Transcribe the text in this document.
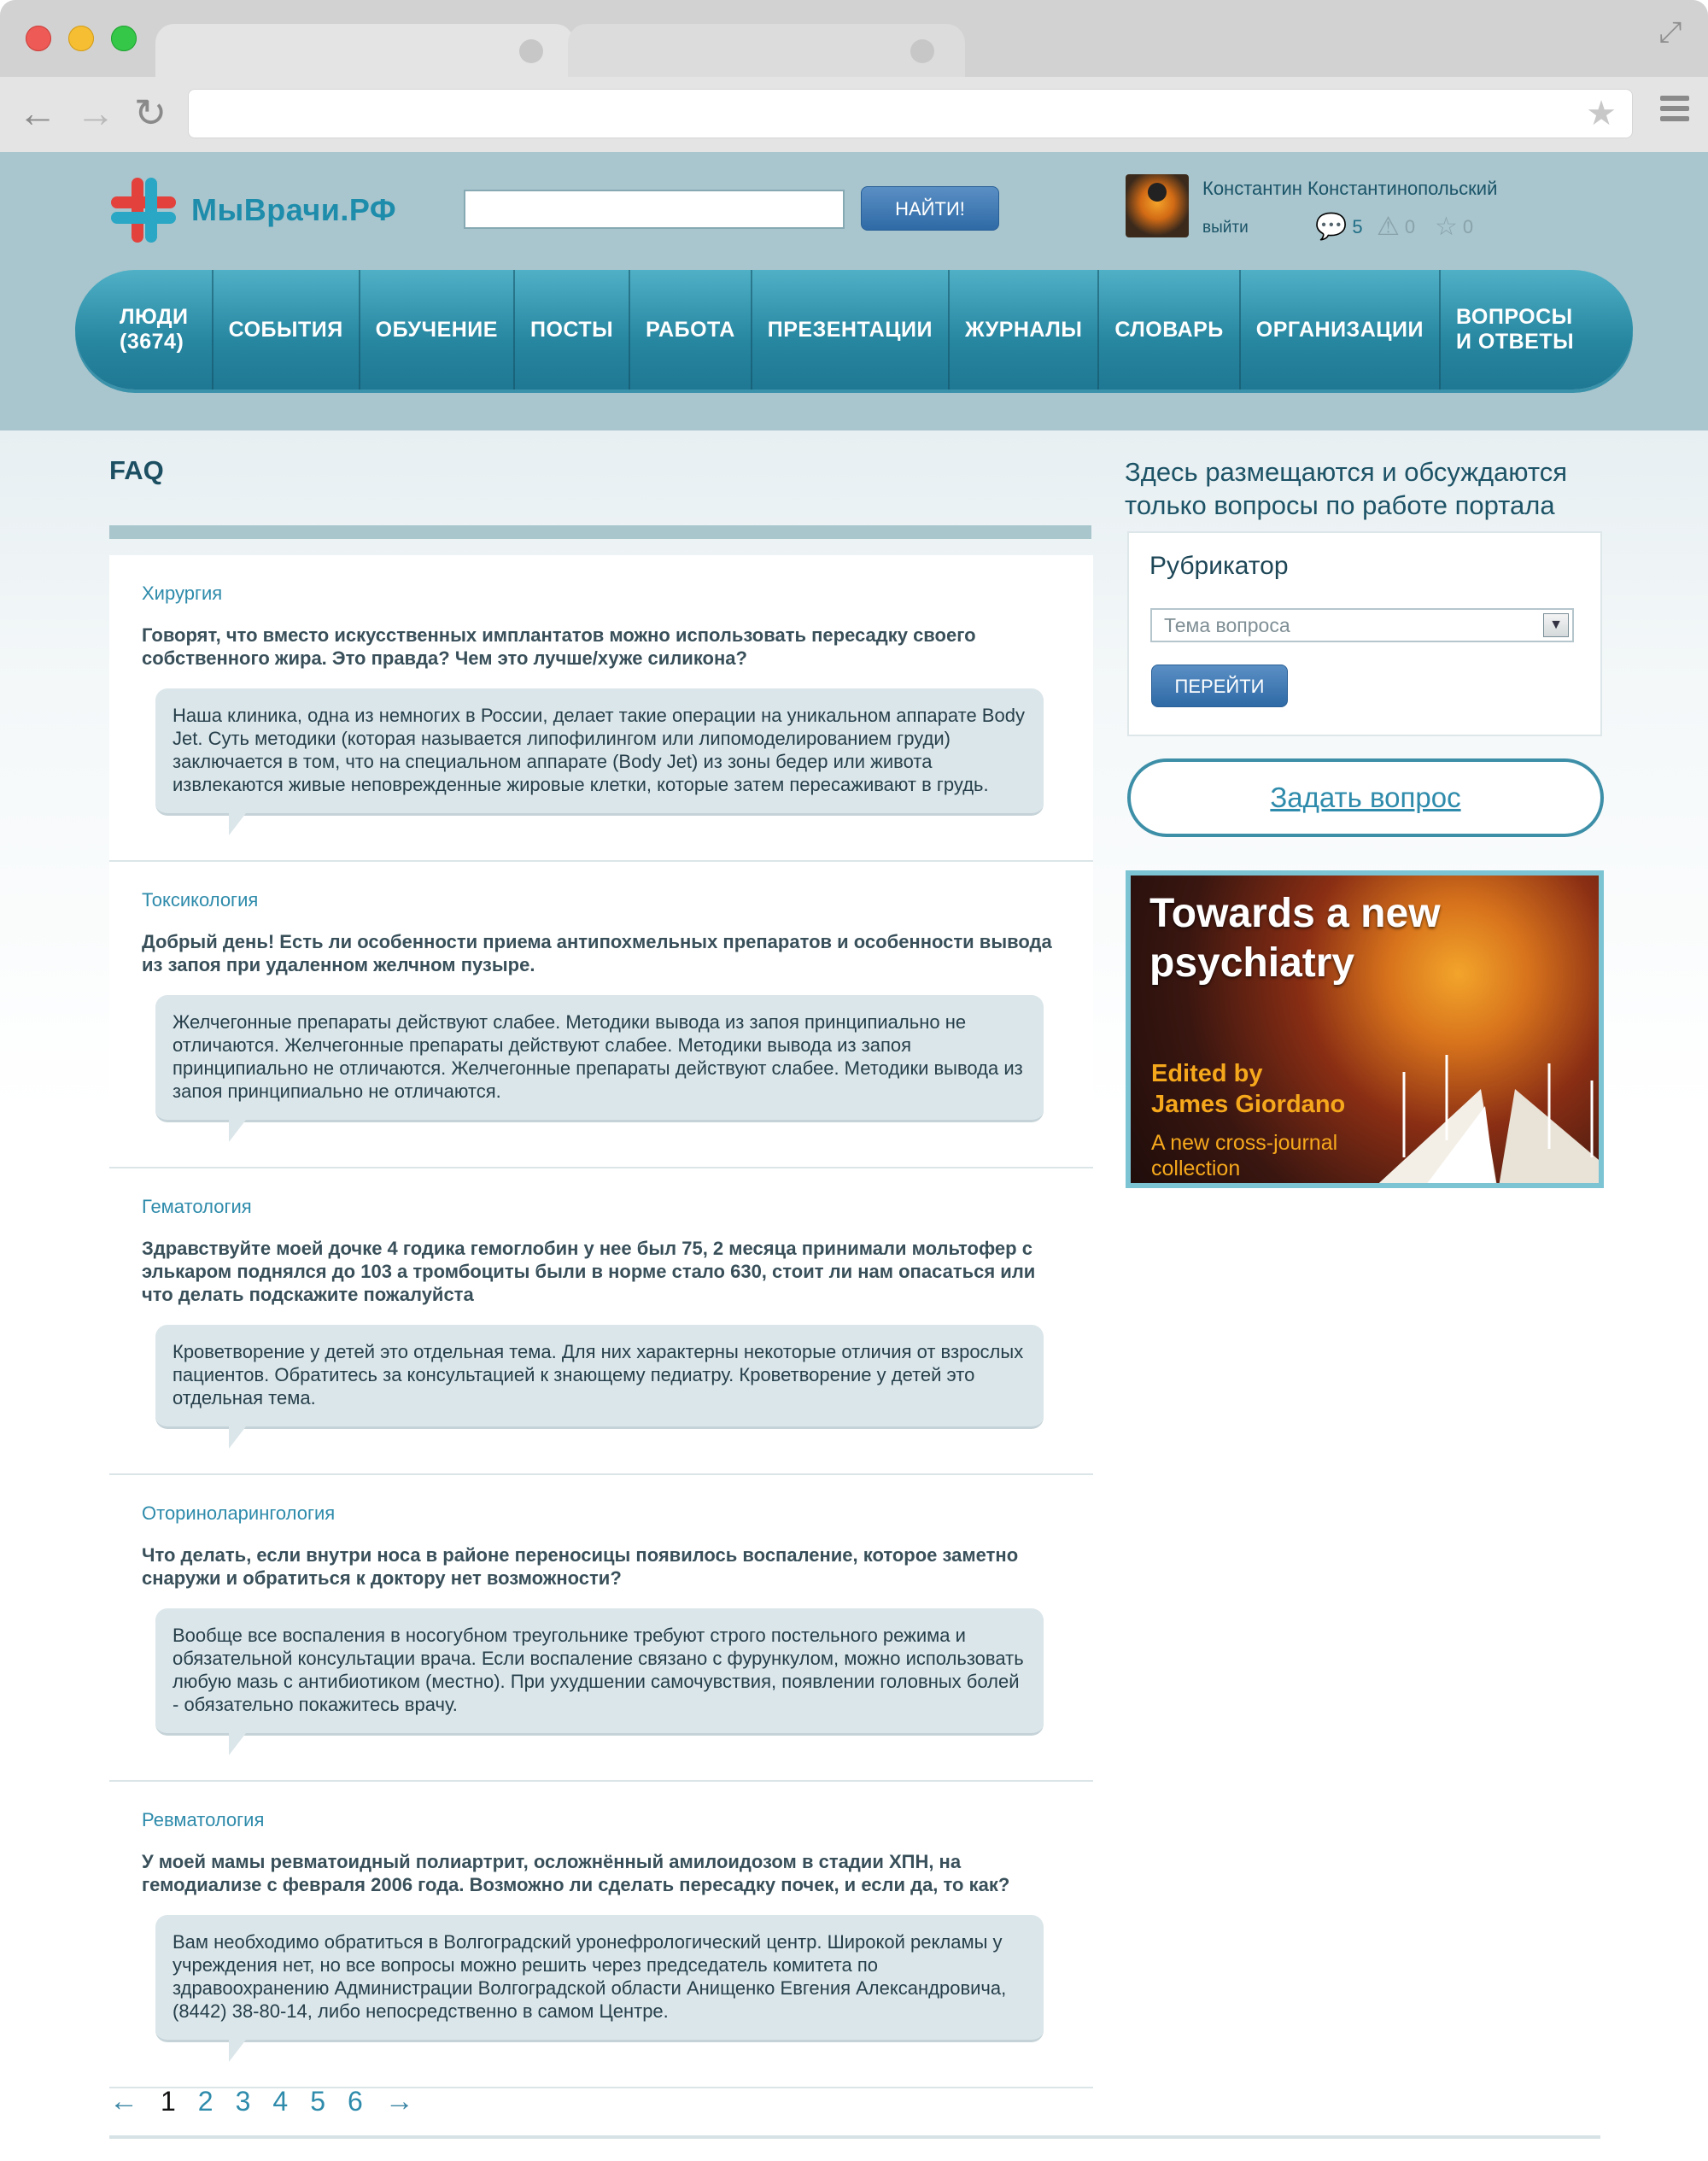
⤢
← → ↻	★
МыВрачи.РФ	НАЙТИ!
Константин Константинопольский
выйти	💬 5 ⚠ 0 ☆ 0
ЛЮДИ (3674)
СОБЫТИЯ	ОБУЧЕНИЕ	ПОСТЫ	РАБОТА	ПРЕЗЕНТАЦИИ	ЖУРНАЛЫ	СЛОВАРЬ	ОРГАНИЗАЦИИ
ВОПРОСЫ И ОТВЕТЫ
FAQ
Хирургия
Говорят, что вместо искусственных имплантатов можно использовать пересадку своего собственного жира. Это правда? Чем это лучше/хуже силикона?
Наша клиника, одна из немногих в России, делает такие операции на уникальном аппарате Body Jet. Суть методики (которая называется липофилингом или липомоделированием груди) заключается в том, что на специальном аппарате (Body Jet) из зоны бедер или живота извлекаются живые неповрежденные жировые клетки, которые затем пересаживают в грудь.
Токсикология
Добрый день! Есть ли особенности приема антипохмельных препаратов и особенности вывода из запоя при удаленном желчном пузыре.
Желчегонные препараты действуют слабее. Методики вывода из запоя принципиально не отличаются. Желчегонные препараты действуют слабее. Методики вывода из запоя принципиально не отличаются. Желчегонные препараты действуют слабее. Методики вывода из запоя принципиально не отличаются.
Гематология
Здравствуйте моей дочке 4 годика гемоглобин у нее был 75, 2 месяца принимали мольтофер с элькаром поднялся до 103 а тромбоциты были в норме стало 630, стоит ли нам опасаться или что делать подскажите пожалуйста
Кроветворение у детей это отдельная тема. Для них характерны некоторые отличия от взрослых пациентов. Обратитесь за консультацией к знающему педиатру. Кроветворение у детей это отдельная тема.
Оториноларингология
Что делать, если внутри носа в районе переносицы появилось воспаление, которое заметно снаружи и обратиться к доктору нет возможности?
Вообще все воспаления в носогубном треугольнике требуют строго постельного режима и обязательной консультации врача. Если воспаление связано с фурункулом, можно использовать любую мазь с антибиотиком (местно). При ухудшении самочувствия, появлении головных болей - обязательно покажитесь врачу.
Ревматология
У моей мамы ревматоидный полиартрит, осложнённый амилоидозом в стадии ХПН, на гемодиализе с февраля 2006 года. Возможно ли сделать пересадку почек, и если да, то как?
Вам необходимо обратиться в Волгоградский уронефрологический центр. Широкой рекламы у учреждения нет, но все вопросы можно решить через председатель комитета по здравоохранению Администрации Волгоградской области Анищенко Евгения Александровича, (8442) 38-80-14, либо непосредственно в самом Центре.
← 1 2 3 4 5 6 →
Здесь размещаются и обсуждаются только вопросы по работе портала
Рубрикатор
Тема вопроса	▼
ПЕРЕЙТИ
Задать вопрос
Towards a new
psychiatry
Edited by
James Giordano
A new cross-journal
collection
